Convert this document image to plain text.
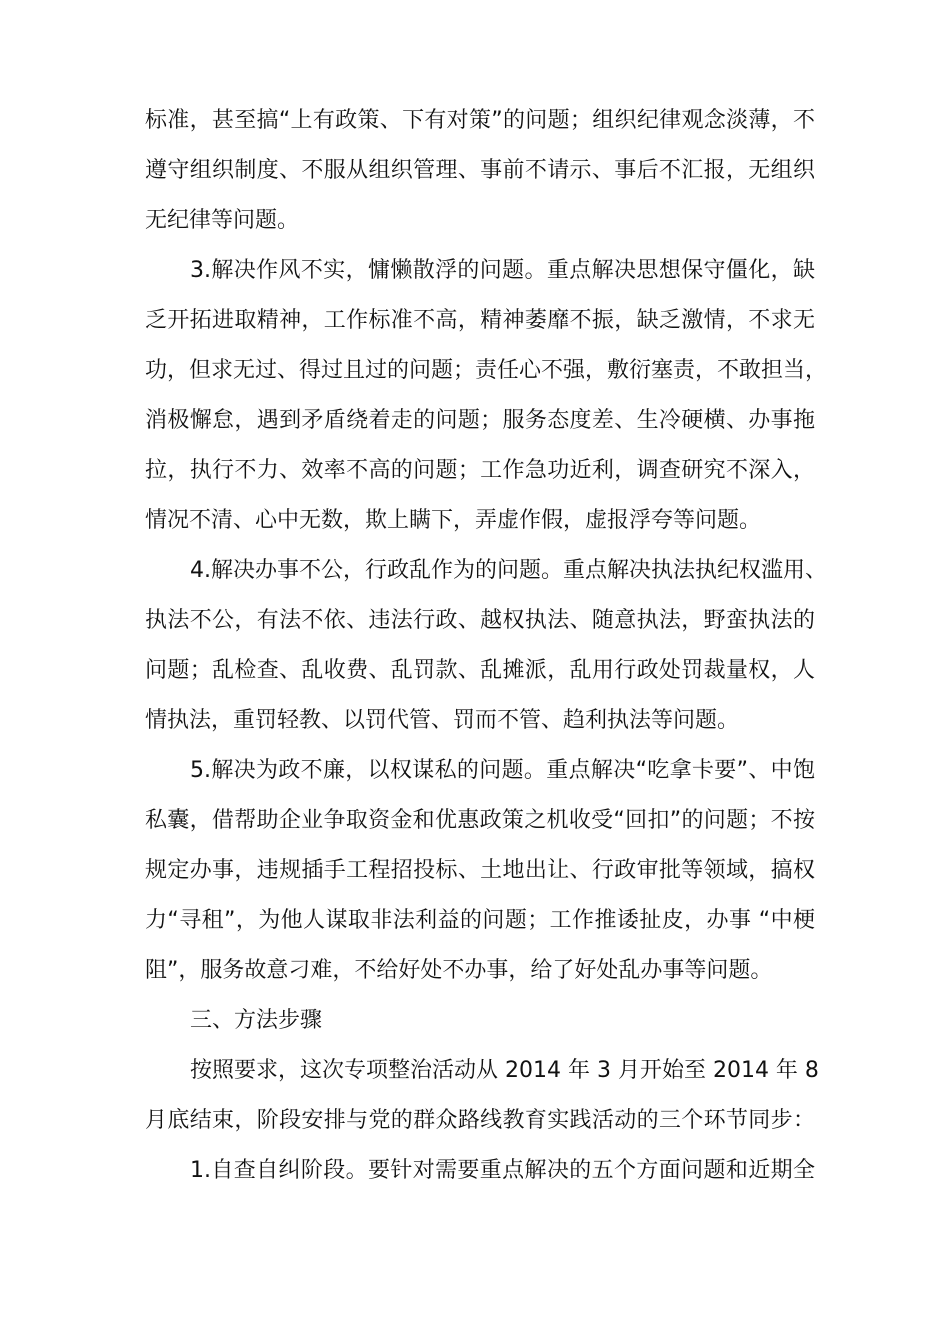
标准，甚至搞“上有政策、下有对策”的问题；组织纪律观念淡薄，不
遵守组织制度、不服从组织管理、事前不请示、事后不汇报，无组织
无纪律等问题。
3.解决作风不实，慵懒散浮的问题。重点解决思想保守僵化，缺
乏开拓进取精神，工作标准不高，精神萎靡不振，缺乏激情，不求无
功，但求无过、得过且过的问题；责任心不强，敷衍塞责，不敢担当，
消极懈怠，遇到矛盾绕着走的问题；服务态度差、生冷硬横、办事拖
拉，执行不力、效率不高的问题；工作急功近利，调查研究不深入，
情况不清、心中无数，欺上瞒下，弄虚作假，虚报浮夸等问题。
4.解决办事不公，行政乱作为的问题。重点解决执法执纪权滥用、
执法不公，有法不依、违法行政、越权执法、随意执法，野蛮执法的
问题；乱检查、乱收费、乱罚款、乱摊派，乱用行政处罚裁量权，人
情执法，重罚轻教、以罚代管、罚而不管、趋利执法等问题。
5.解决为政不廉，以权谋私的问题。重点解决“吃拿卡要”、中饱
私囊，借帮助企业争取资金和优惠政策之机收受“回扣”的问题；不按
规定办事，违规插手工程招投标、土地出让、行政审批等领域，搞权
力“寻租”，为他人谋取非法利益的问题；工作推诿扯皮，办事 “中梗
阻”，服务故意刁难，不给好处不办事，给了好处乱办事等问题。
三、方法步骤
按照要求，这次专项整治活动从 2014 年 3 月开始至 2014 年 8
月底结束，阶段安排与党的群众路线教育实践活动的三个环节同步：
1.自查自纠阶段。要针对需要重点解决的五个方面问题和近期全
